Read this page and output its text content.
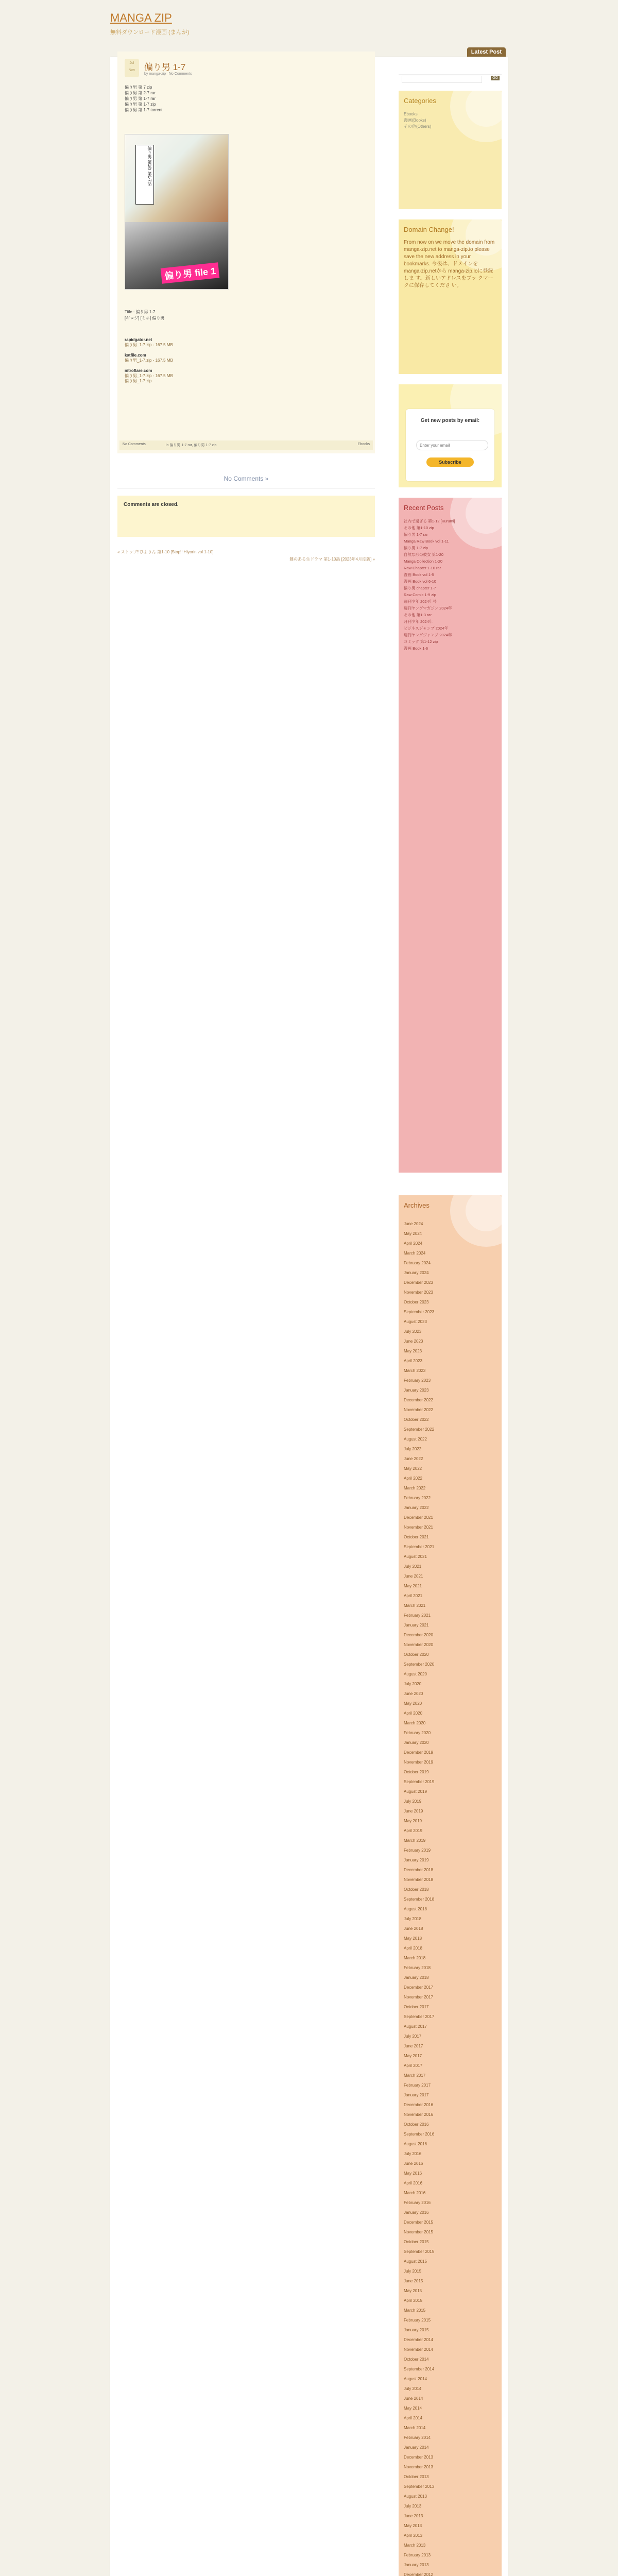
MANGA ZIP
無料ダウンロード漫画 (まんが)
Latest Post
Jul
Nov	偏り男 1-7
by manga-zip No Comments
偏り男 第 7 zip
偏り男 第 2-7 rar
偏り男 第 1-7 rar
偏り男 第 1-7 zip
偏り男 第 1-7 torrent
偏り男 第1巻 第1-7話
偏り男 file 1
Title : 偏り男 1-7
[ギロジ] [ミネ] 偏り男
rapidgator.net
偏り男_1-7.zip - 167.5 MB
katfile.com
偏り男_1-7.zip - 167.5 MB
nitroflare.com
偏り男_1-7.zip - 167.5 MB
偏り男_1-7.zip
No Comments	in 偏り男 1-7 rar, 偏り男 1-7 zip	Ebooks
No Comments »
Comments are closed.
« ストップ!!ひよりん 第1-10 [Stop!! Hiyorin vol 1-10]
鍵のある生ドラマ 第1-10話 [2023年4月度版] »
GO
Categories
Ebooks
漫画(Books)
その他(Others)
Domain Change!
From now on we move the domain from manga-zip.net to manga-zip.io please save the new address in your bookmarks. 今後は、ドメインを manga-zip.netから manga-zip.ioに登録しま す。新しいアドレスをブッ クマークに保存してくださ い。
Get new posts by email:
Enter your email
Subscribe
Recent Posts
社内で過ぎる 第1-12 [Kurumi]
その他 第1-10 zip
偏り男 1-7 rar
Manga Raw Book vol 1-11
偏り男 1-7 zip
自然な形の彼女 第1-20
Manga Collection 1-20
Raw Chapter 1-10 rar
漫画 Book vol 1-5
漫画 Book vol 6-10
偏り男 chapter 1-7
Raw Comic 1-9 zip
週刊少年 2024年号
週刊ヤングマガジン 2024年
その他 第1-3 rar
月刊少年 2024年
ビジネスジャンプ 2024年
週刊ヤングジャンプ 2024年
コミック 第1-12 zip
漫画 Book 1-6
Archives
June 2024
May 2024
April 2024
March 2024
February 2024
January 2024
December 2023
November 2023
October 2023
September 2023
August 2023
July 2023
June 2023
May 2023
April 2023
March 2023
February 2023
January 2023
December 2022
November 2022
October 2022
September 2022
August 2022
July 2022
June 2022
May 2022
April 2022
March 2022
February 2022
January 2022
December 2021
November 2021
October 2021
September 2021
August 2021
July 2021
June 2021
May 2021
April 2021
March 2021
February 2021
January 2021
December 2020
November 2020
October 2020
September 2020
August 2020
July 2020
June 2020
May 2020
April 2020
March 2020
February 2020
January 2020
December 2019
November 2019
October 2019
September 2019
August 2019
July 2019
June 2019
May 2019
April 2019
March 2019
February 2019
January 2019
December 2018
November 2018
October 2018
September 2018
August 2018
July 2018
June 2018
May 2018
April 2018
March 2018
February 2018
January 2018
December 2017
November 2017
October 2017
September 2017
August 2017
July 2017
June 2017
May 2017
April 2017
March 2017
February 2017
January 2017
December 2016
November 2016
October 2016
September 2016
August 2016
July 2016
June 2016
May 2016
April 2016
March 2016
February 2016
January 2016
December 2015
November 2015
October 2015
September 2015
August 2015
July 2015
June 2015
May 2015
April 2015
March 2015
February 2015
January 2015
December 2014
November 2014
October 2014
September 2014
August 2014
July 2014
June 2014
May 2014
April 2014
March 2014
February 2014
January 2014
December 2013
November 2013
October 2013
September 2013
August 2013
July 2013
June 2013
May 2013
April 2013
March 2013
February 2013
January 2013
December 2012
